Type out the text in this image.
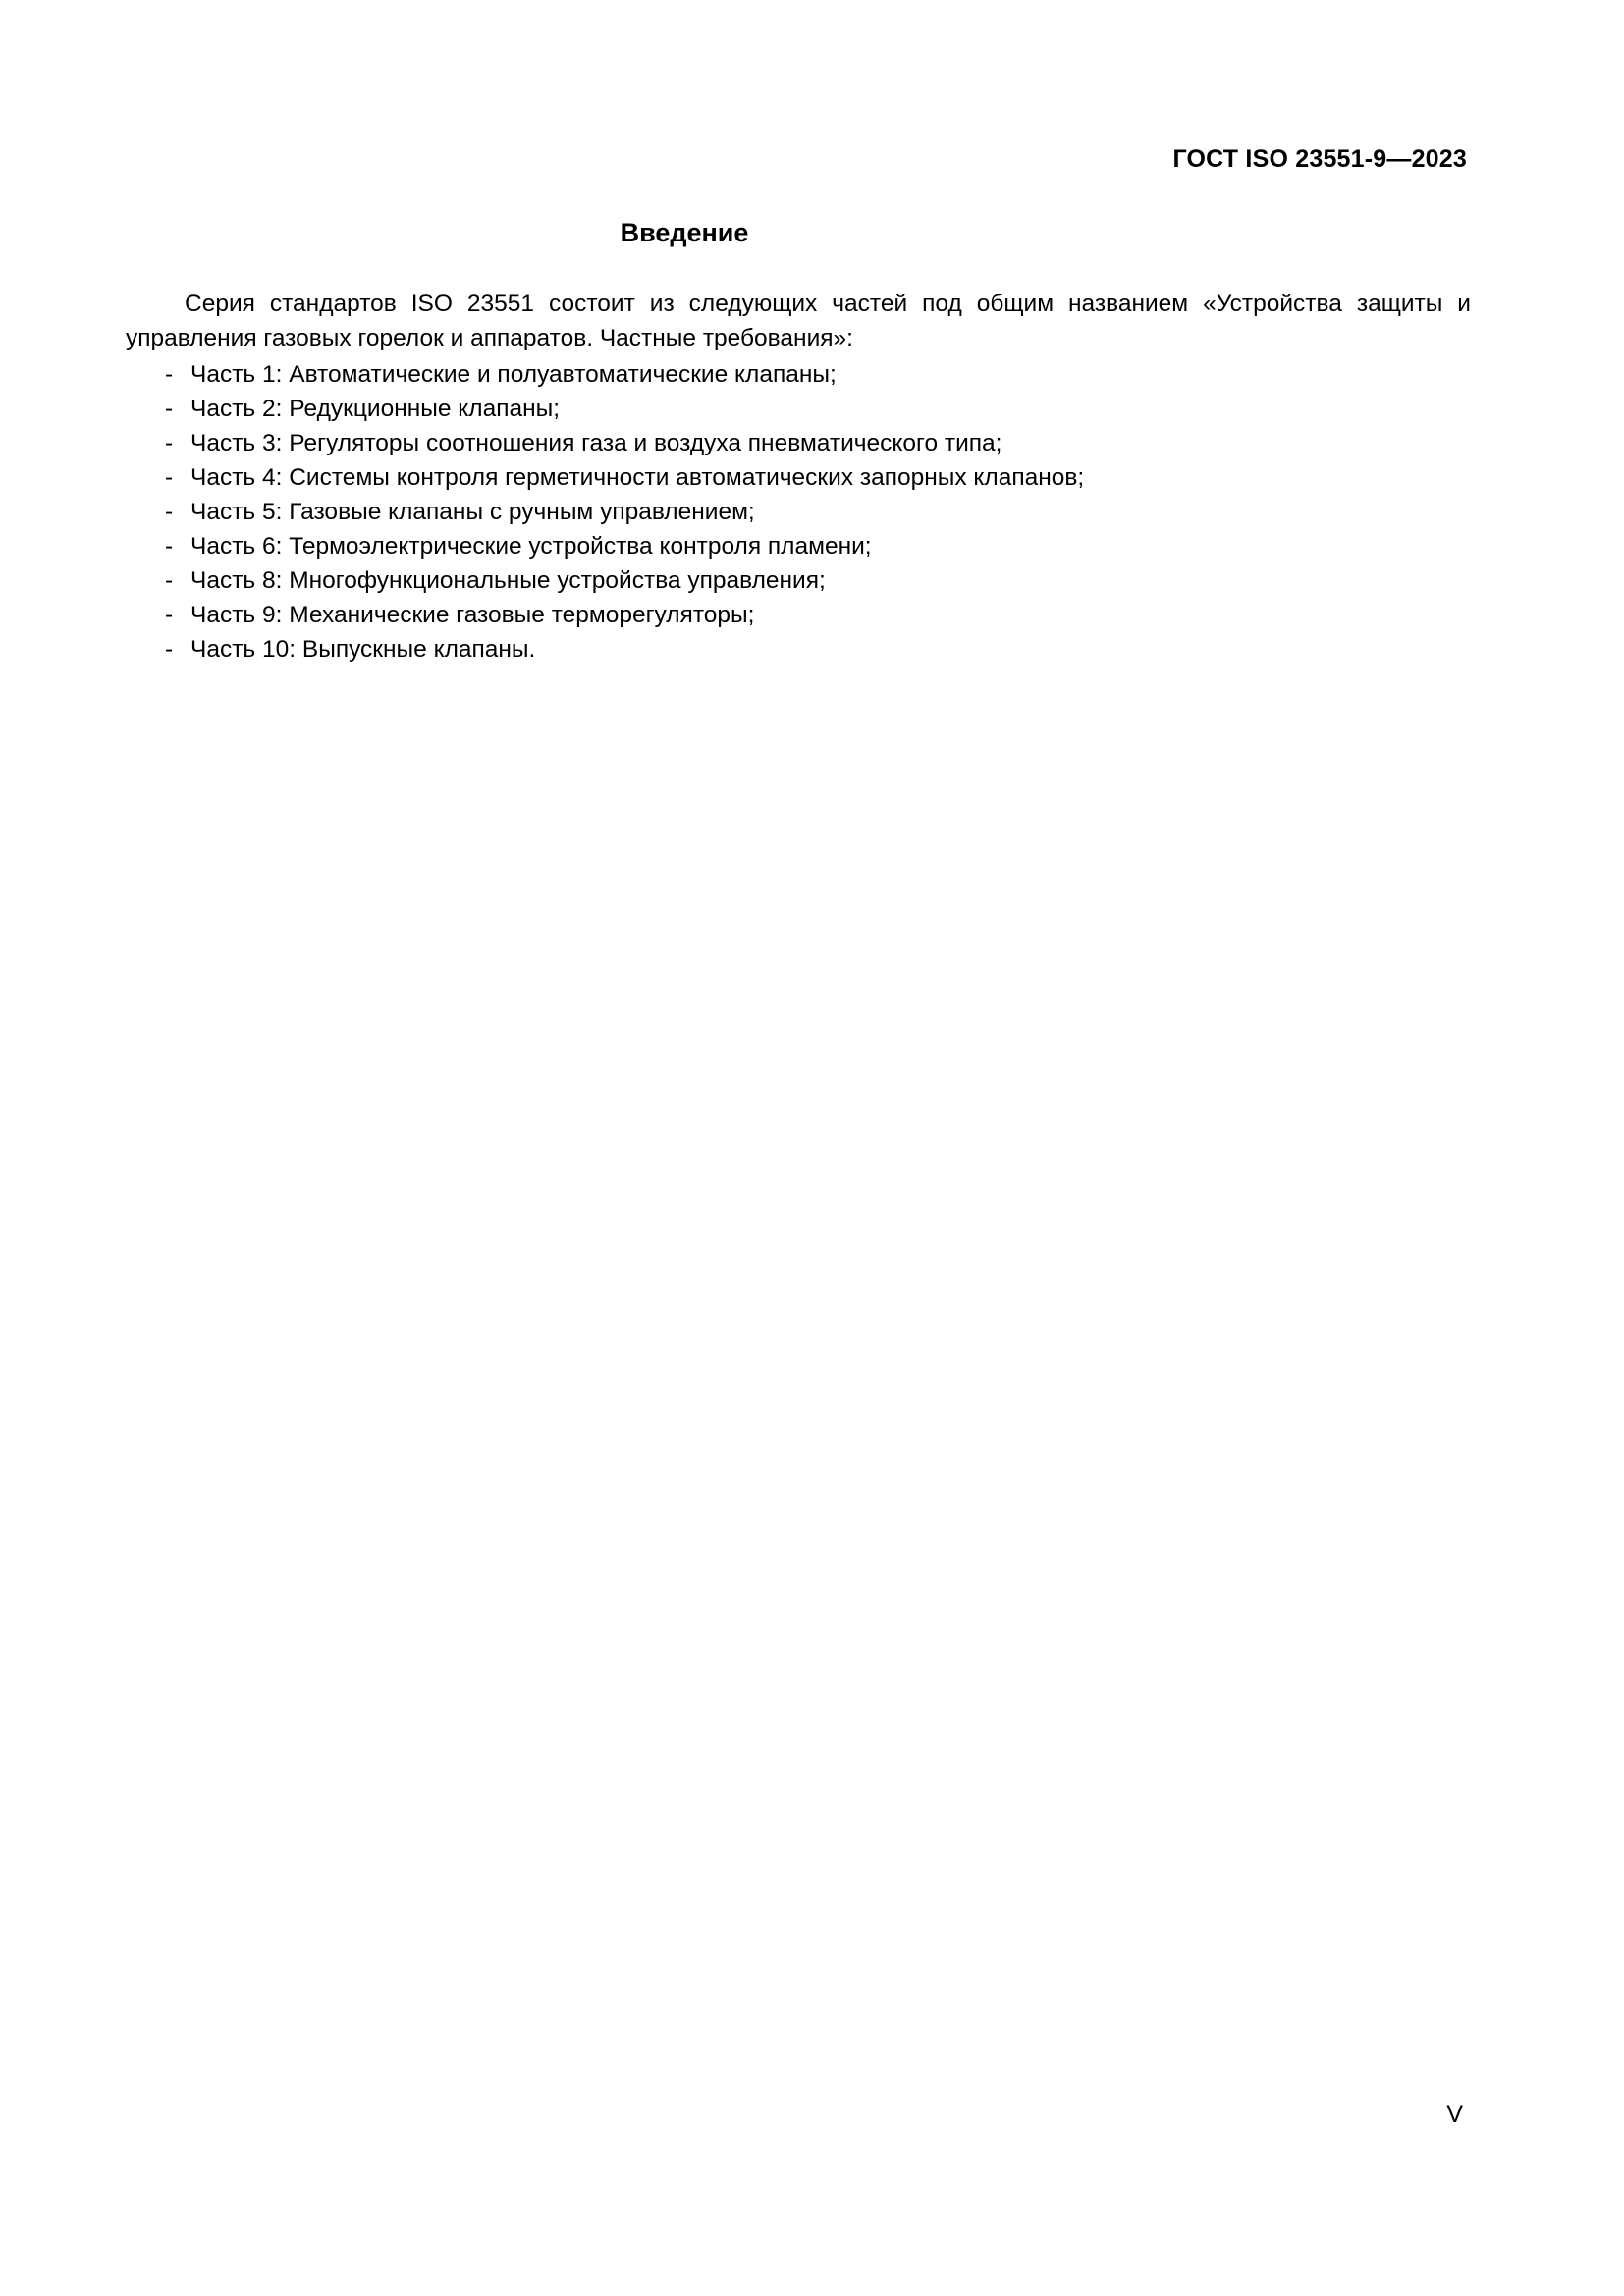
ГОСТ ISO 23551-9—2023
Введение

Серия стандартов ISO 23551 состоит из следующих частей под общим названием «Устройства защиты и управления газовых горелок и аппаратов. Частные требования»:

- Часть 1: Автоматические и полуавтоматические клапаны;
- Часть 2: Редукционные клапаны;
- Часть 3: Регуляторы соотношения газа и воздуха пневматического типа;
- Часть 4: Системы контроля герметичности автоматических запорных клапанов;
- Часть 5: Газовые клапаны с ручным управлением;
- Часть 6: Термоэлектрические устройства контроля пламени;
- Часть 8: Многофункциональные устройства управления;
- Часть 9: Механические газовые терморегуляторы;
- Часть 10: Выпускные клапаны.
V
